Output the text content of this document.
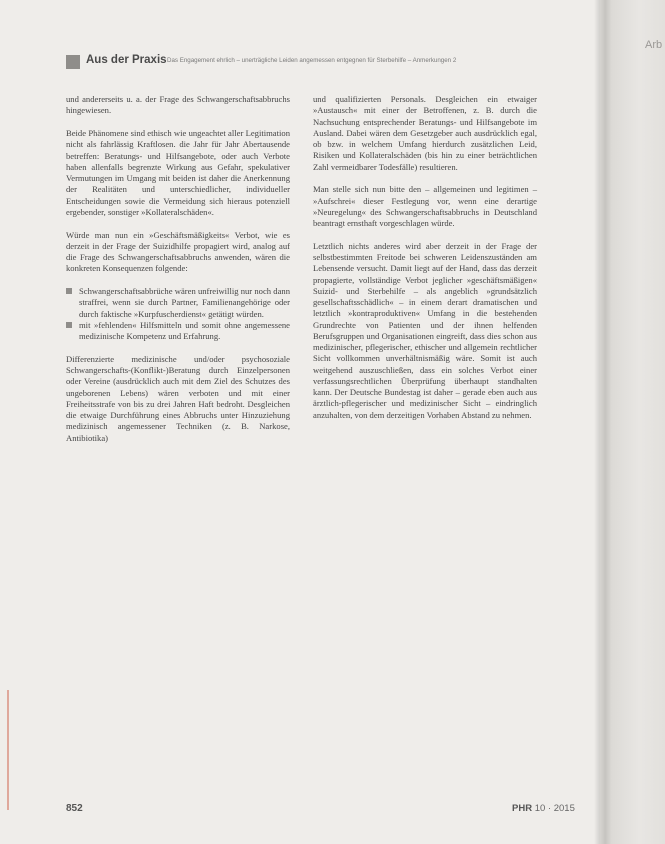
Aus der Praxis Das Engagement ehrlich – unerträgliche Leiden angemessen entgegnen für Sterbehilfe – Anmerkungen 2

und andererseits u. a. der Frage des Schwangerschaftsabbruchs hingewiesen.

Beide Phänomene sind ethisch wie ungeachtet aller Legitimation nicht als fahrlässig Kraftlosen. die Jahr für Jahr Abertausende betreffen: Beratungs- und Hilfsangebote, oder auch Verbote haben allenfalls begrenzte Wirkung aus Gefahr, spekulativer Vermutungen im Umgang mit beiden ist daher die Anerkennung der Realitäten und unterschiedlicher, individueller Entscheidungen sowie die Vermeidung sich hieraus potenziell ergebender, sonstiger »Kollateralschäden«.

Würde man nun ein »Geschäftsmäßigkeits« Verbot, wie es derzeit in der Frage der Suizidhilfe propagiert wird, analog auf die Frage des Schwangerschaftsabbruchs anwenden, wären die konkreten Konsequenzen folgende:

Schwangerschaftsabbrüche wären unfreiwillig nur noch dann straffrei, wenn sie durch Partner, Familienangehörige oder durch faktische »Kurpfuscherdienst« getätigt würden.
mit »fehlenden« Hilfsmitteln und somit ohne angemessene medizinische Kompetenz und Erfahrung.

Differenzierte medizinische und/oder psychosoziale Schwangerschafts-(Konflikt-)Beratung durch Einzelpersonen oder Vereine (ausdrücklich auch mit dem Ziel des Schutzes des ungeborenen Lebens) wären verboten und mit einer Freiheitsstrafe von bis zu drei Jahren Haft bedroht. Desgleichen die etwaige Durchführung eines Abbruchs unter Hinzuziehung medizinisch angemessener Techniken (z. B. Narkose, Antibiotika)

und qualifizierten Personals. Desgleichen ein etwaiger »Austausch« mit einer der Betroffenen, z. B. durch die Nachsuchung entsprechender Beratungs- und Hilfsangebote im Ausland. Dabei wären dem Gesetzgeber auch ausdrücklich egal, ob bzw. in welchem Umfang hierdurch zusätzlichen Leid, Risiken und Kollateralschäden (bis hin zu einer beträchtlichen Zahl vermeidbarer Todesfälle) resultieren.

Man stelle sich nun bitte den – allgemeinen und legitimen – »Aufschrei« dieser Festlegung vor, wenn eine derartige »Neuregelung« des Schwangerschaftsabbruchs in Deutschland beantragt ernsthaft vorgeschlagen würde.

Letztlich nichts anderes wird aber derzeit in der Frage der selbstbestimmten Freitode bei schweren Leidenszuständen am Lebensende versucht. Damit liegt auf der Hand, dass das derzeit propagierte, vollständige Verbot jeglicher »geschäftsmäßigen« Suizid- und Sterbehilfe – als angeblich »grundsätzlich gesellschaftsschädlich« – in einem derart dramatischen und letztlich »kontraproduktiven« Umfang in die bestehenden Grundrechte von Patienten und der ihnen helfenden Berufsgruppen und Organisationen eingreift, dass dies schon aus medizinischer, pflegerischer, ethischer und allgemein rechtlicher Sicht vollkommen unverhältnismäßig wäre. Somit ist auch weitgehend auszuschließen, dass ein solches Verbot einer verfassungsrechtlichen Überprüfung überhaupt standhalten kann. Der Deutsche Bundestag ist daher – gerade eben auch aus ärztlich-pflegerischer und medizinischer Sicht – eindringlich anzuhalten, von dem derzeitigen Vorhaben Abstand zu nehmen.

852	PHR 10 · 2015
Arb
